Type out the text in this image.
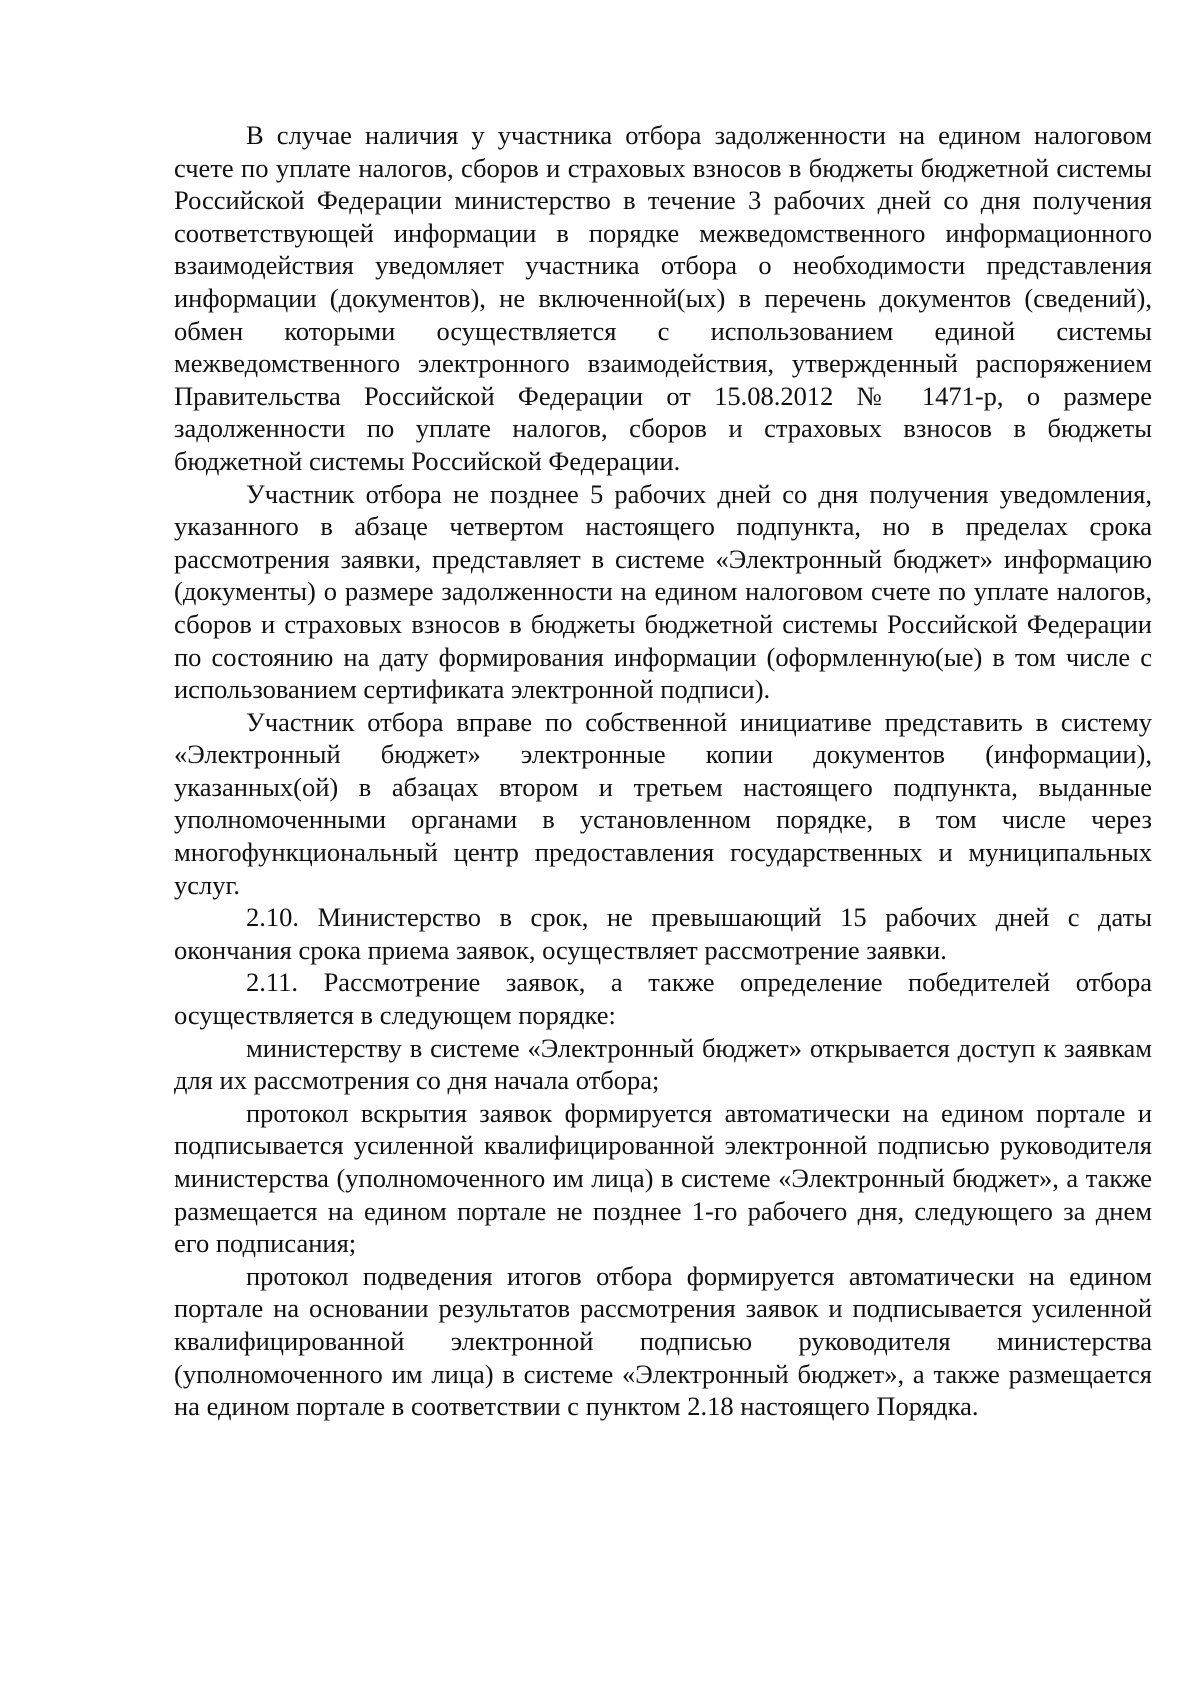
В случае наличия у участника отбора задолженности на едином налоговом счете по уплате налогов, сборов и страховых взносов в бюджеты бюджетной системы Российской Федерации министерство в течение 3 рабочих дней со дня получения соответствующей информации в порядке межведомственного информационного взаимодействия уведомляет участника отбора о необходимости представления информации (документов), не включенной(ых) в перечень документов (сведений), обмен которыми осуществляется с использованием единой системы межведомственного электронного взаимодействия, утвержденный распоряжением Правительства Российской Федерации от 15.08.2012 № 1471-р, о размере задолженности по уплате налогов, сборов и страховых взносов в бюджеты бюджетной системы Российской Федерации.

Участник отбора не позднее 5 рабочих дней со дня получения уведомления, указанного в абзаце четвертом настоящего подпункта, но в пределах срока рассмотрения заявки, представляет в системе «Электронный бюджет» информацию (документы) о размере задолженности на едином налоговом счете по уплате налогов, сборов и страховых взносов в бюджеты бюджетной системы Российской Федерации по состоянию на дату формирования информации (оформленную(ые) в том числе с использованием сертификата электронной подписи).

Участник отбора вправе по собственной инициативе представить в систему «Электронный бюджет» электронные копии документов (информации), указанных(ой) в абзацах втором и третьем настоящего подпункта, выданные уполномоченными органами в установленном порядке, в том числе через многофункциональный центр предоставления государственных и муниципальных услуг.

2.10. Министерство в срок, не превышающий 15 рабочих дней с даты окончания срока приема заявок, осуществляет рассмотрение заявки.

2.11. Рассмотрение заявок, а также определение победителей отбора осуществляется в следующем порядке:

министерству в системе «Электронный бюджет» открывается доступ к заявкам для их рассмотрения со дня начала отбора;

протокол вскрытия заявок формируется автоматически на едином портале и подписывается усиленной квалифицированной электронной подписью руководителя министерства (уполномоченного им лица) в системе «Электронный бюджет», а также размещается на едином портале не позднее 1-го рабочего дня, следующего за днем его подписания;

протокол подведения итогов отбора формируется автоматически на едином портале на основании результатов рассмотрения заявок и подписывается усиленной квалифицированной электронной подписью руководителя министерства (уполномоченного им лица) в системе «Электронный бюджет», а также размещается на едином портале в соответствии с пунктом 2.18 настоящего Порядка.
